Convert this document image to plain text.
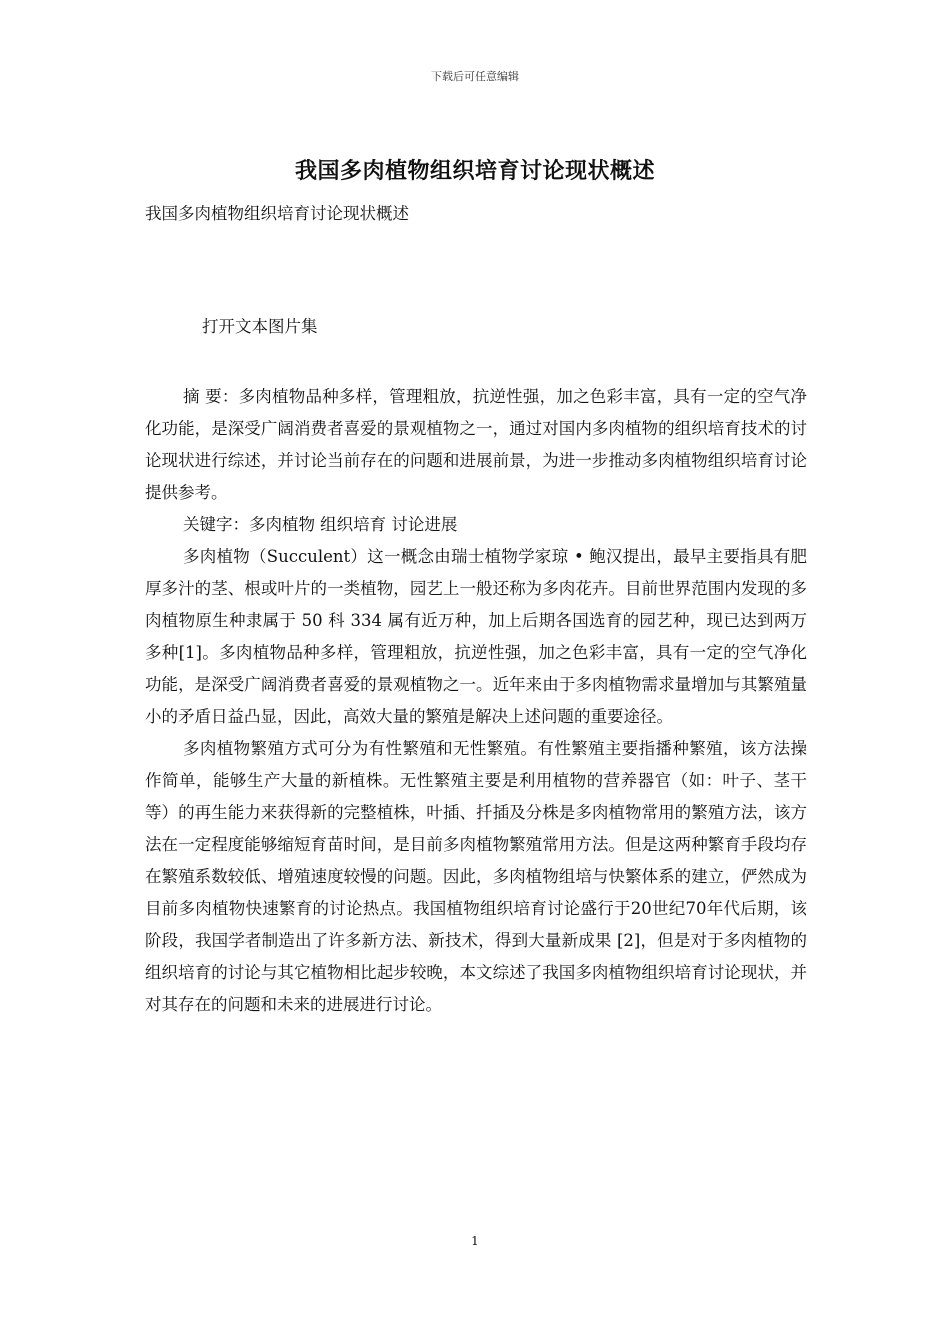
下载后可任意编辑
我国多肉植物组织培育讨论现状概述
我国多肉植物组织培育讨论现状概述
打开文本图片集

摘 要：多肉植物品种多样，管理粗放，抗逆性强，加之色彩丰富，具有一定的空气净化功能，是深受广阔消费者喜爱的景观植物之一，通过对国内多肉植物的组织培育技术的讨论现状进行综述，并讨论当前存在的问题和进展前景，为进一步推动多肉植物组织培育讨论提供参考。

关键字：多肉植物 组织培育 讨论进展

多肉植物（Succulent）这一概念由瑞士植物学家琼 • 鲍汉提出，最早主要指具有肥厚多汁的茎、根或叶片的一类植物，园艺上一般还称为多肉花卉。目前世界范围内发现的多肉植物原生种隶属于 50 科 334 属有近万种，加上后期各国选育的园艺种，现已达到两万多种[1]。多肉植物品种多样，管理粗放，抗逆性强，加之色彩丰富，具有一定的空气净化功能，是深受广阔消费者喜爱的景观植物之一。近年来由于多肉植物需求量增加与其繁殖量小的矛盾日益凸显，因此，高效大量的繁殖是解决上述问题的重要途径。

多肉植物繁殖方式可分为有性繁殖和无性繁殖。有性繁殖主要指播种繁殖，该方法操作简单，能够生产大量的新植株。无性繁殖主要是利用植物的营养器官（如：叶子、茎干等）的再生能力来获得新的完整植株，叶插、扦插及分株是多肉植物常用的繁殖方法，该方法在一定程度能够缩短育苗时间，是目前多肉植物繁殖常用方法。但是这两种繁育手段均存在繁殖系数较低、增殖速度较慢的问题。因此，多肉植物组培与快繁体系的建立，俨然成为目前多肉植物快速繁育的讨论热点。我国植物组织培育讨论盛行于20世纪70年代后期，该阶段，我国学者制造出了许多新方法、新技术，得到大量新成果 [2]，但是对于多肉植物的组织培育的讨论与其它植物相比起步较晚，本文综述了我国多肉植物组织培育讨论现状，并对其存在的问题和未来的进展进行讨论。

1
